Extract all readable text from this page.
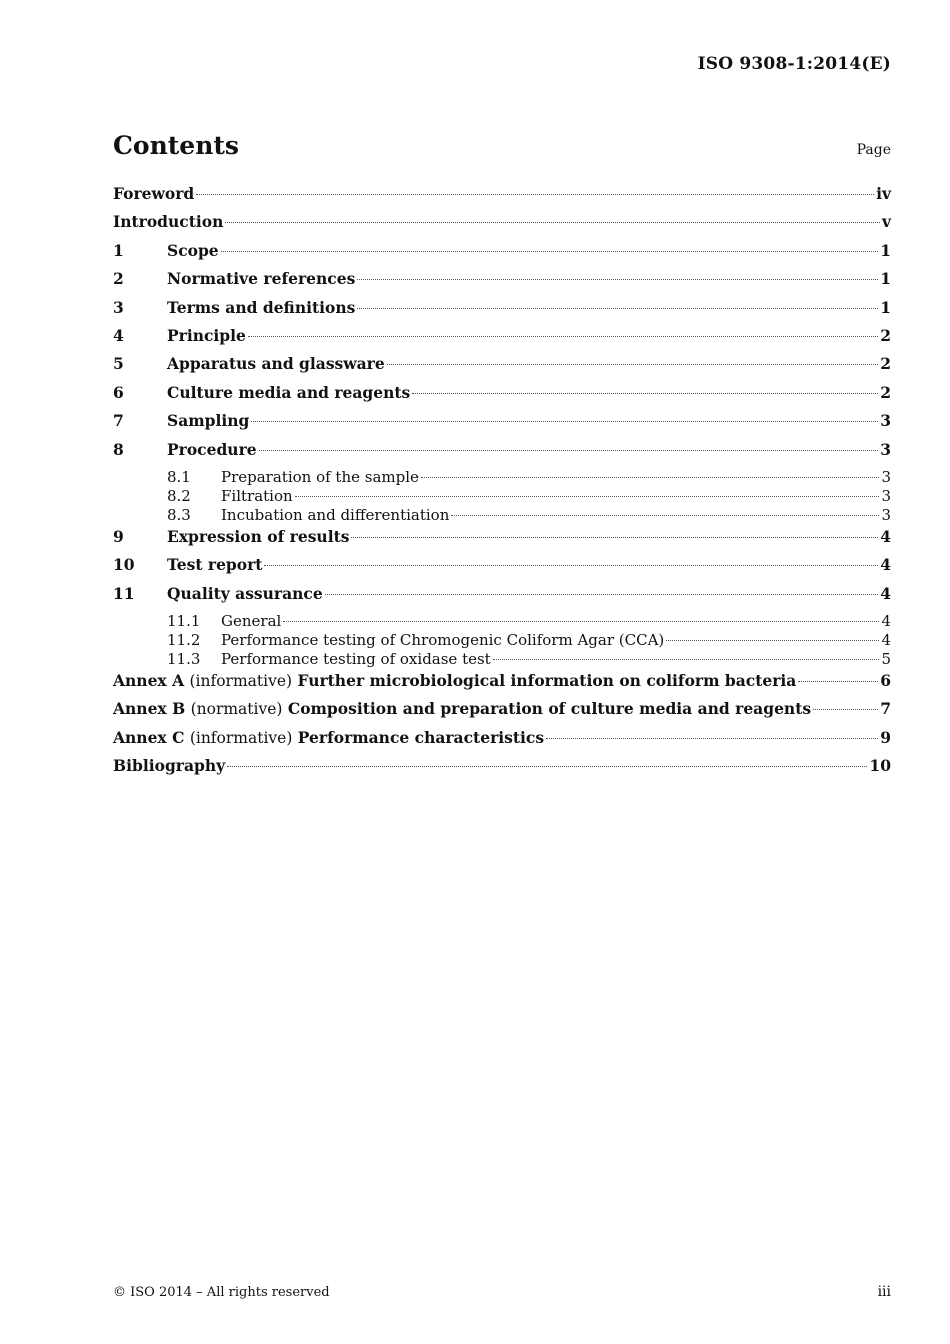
ISO 9308-1:2014(E)
Contents	Page
Foreword	iv
Introduction	v
1	Scope	1
2	Normative references	1
3	Terms and definitions	1
4	Principle	2
5	Apparatus and glassware	2
6	Culture media and reagents	2
7	Sampling	3
8	Procedure	3
8.1	Preparation of the sample	3
8.2	Filtration	3
8.3	Incubation and differentiation	3
9	Expression of results	4
10	Test report	4
11	Quality assurance	4
11.1	General	4
11.2	Performance testing of Chromogenic Coliform Agar (CCA)	4
11.3	Performance testing of oxidase test	5
Annex A (informative) Further microbiological information on coliform bacteria	6
Annex B (normative) Composition and preparation of culture media and reagents	7
Annex C (informative) Performance characteristics	9
Bibliography	10
© ISO 2014 – All rights reserved	iii
